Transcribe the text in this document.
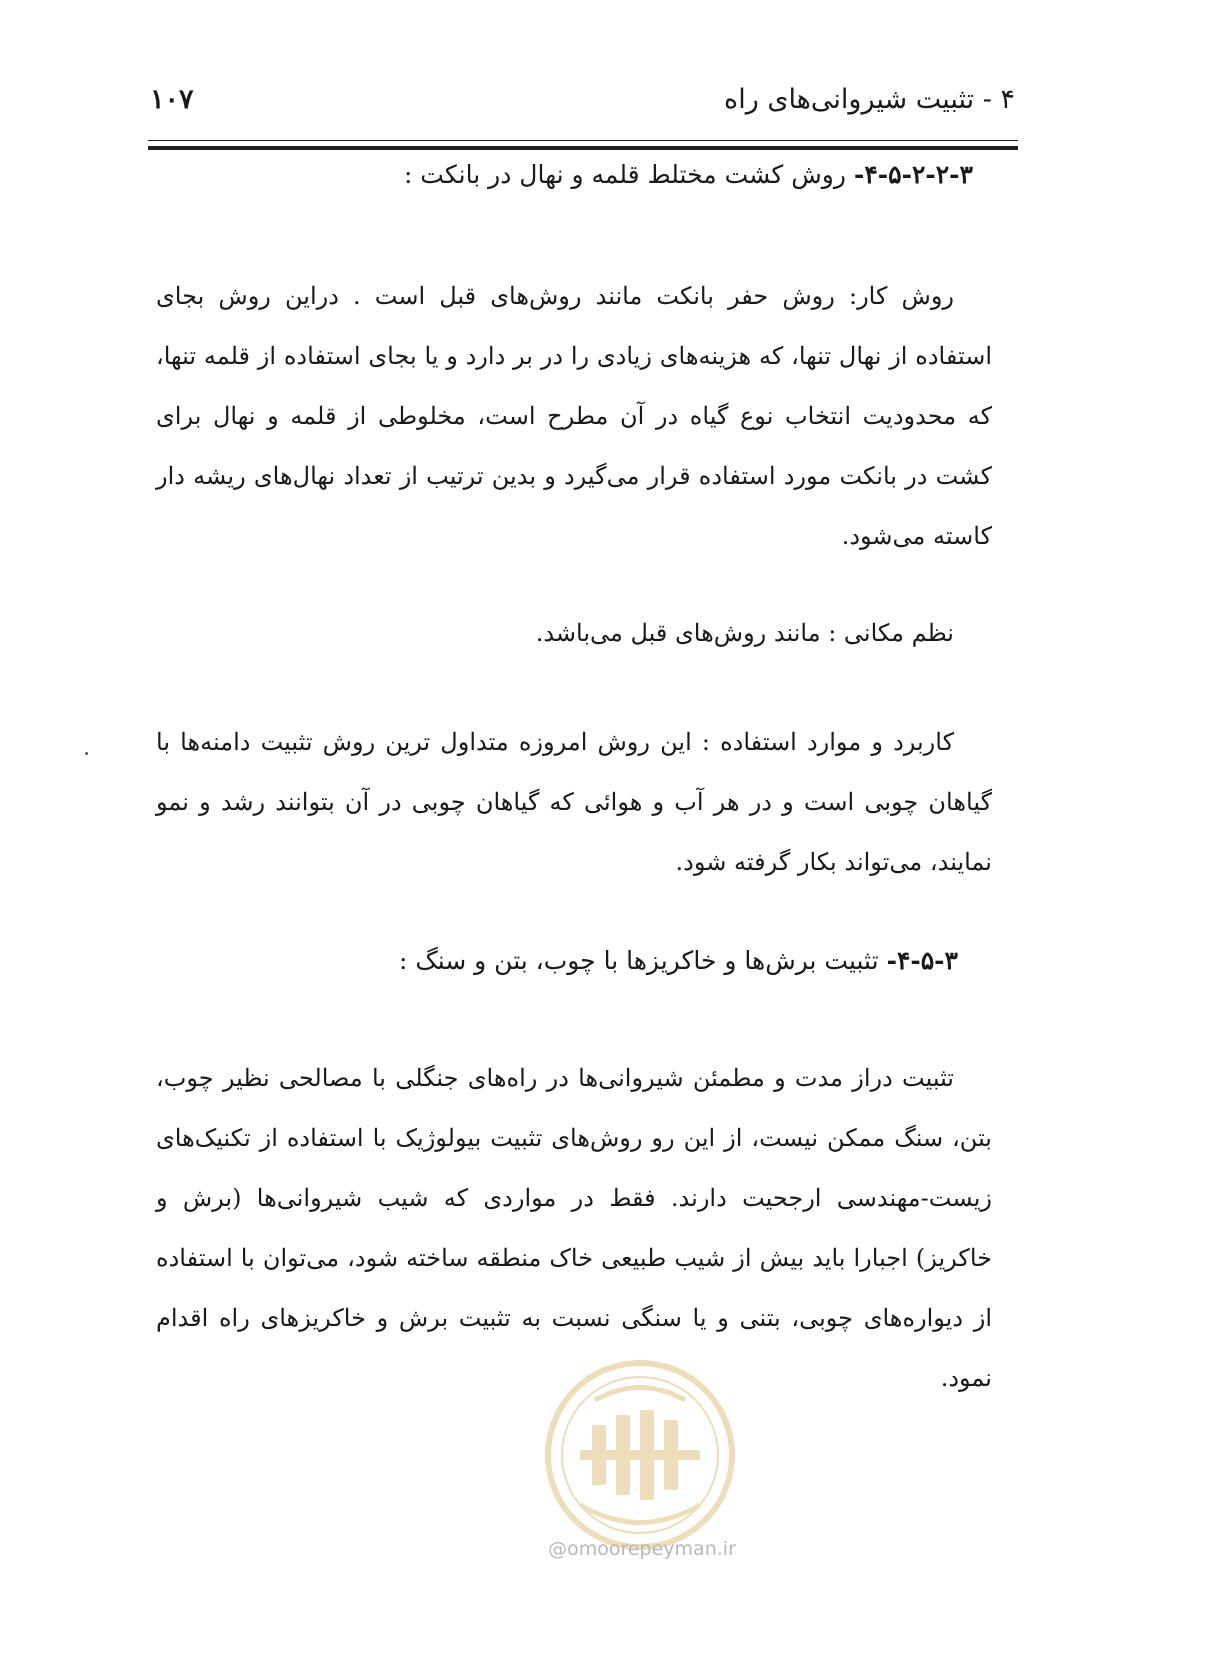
۴ - تثبیت شیروانی‌های راه
۱۰۷
۴-۵-۲-۲-۳-روش کشت مختلط قلمه و نهال در بانکت :

روش کار: روش حفر بانکت مانند روش‌های قبل است . دراین روش بجای استفاده از نهال تنها، که هزینه‌های زیادی را در بر دارد و یا بجای استفاده از قلمه تنها، که محدودیت انتخاب نوع گیاه در آن مطرح است، مخلوطی از قلمه و نهال برای کشت در بانکت مورد استفاده قرار می‌گیرد و بدین ترتیب از تعداد نهال‌های ریشه دار کاسته می‌شود.

نظم مکانی : مانند روش‌های قبل می‌باشد.

کاربرد و موارد استفاده : این روش امروزه متداول ترین روش تثبیت دامنه‌ها با گیاهان چوبی است و در هر آب و هوائی که گیاهان چوبی در آن بتوانند رشد و نمو نمایند، می‌تواند بکار گرفته شود.

۴-۵-۳-تثبیت برش‌ها و خاکریزها با چوب، بتن و سنگ :

تثبیت دراز مدت و مطمئن شیروانی‌ها در راه‌های جنگلی با مصالحی نظیر چوب، بتن، سنگ ممکن نیست، از این رو روش‌های تثبیت بیولوژیک با استفاده از تکنیک‌های زیست-مهندسی ارجحیت دارند. فقط در مواردی که شیب شیروانی‌ها (برش و خاکریز) اجبارا باید بیش از شیب طبیعی خاک منطقه ساخته شود، می‌توان با استفاده از دیواره‌های چوبی، بتنی و یا سنگی نسبت به تثبیت برش و خاکریزهای راه اقدام نمود.

@omoorepeyman.ir
